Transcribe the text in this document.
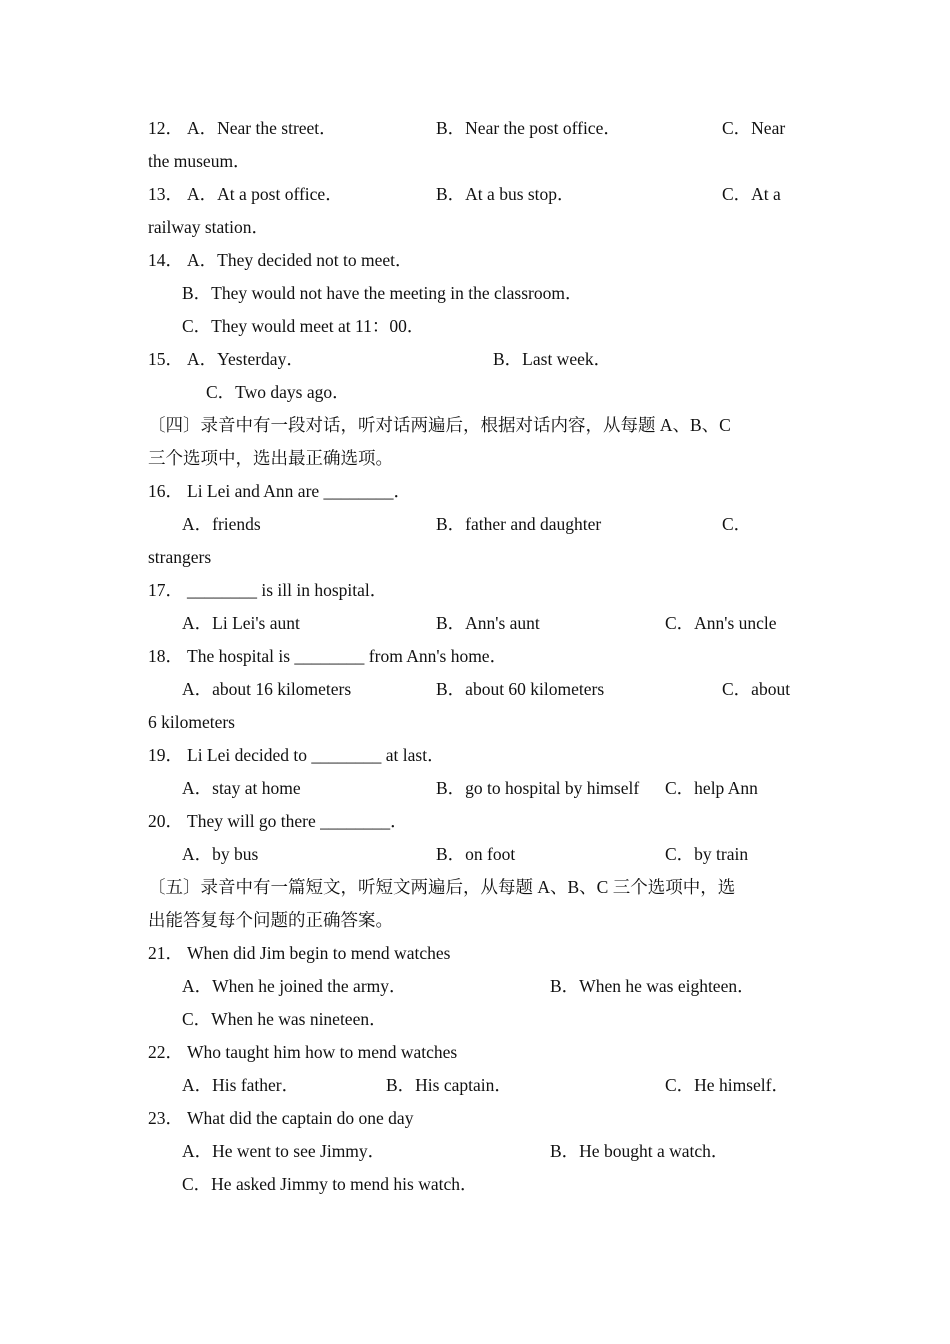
12． A．Near the street．	B．Near the post office．	C．Near
the museum．
13． A．At a post office．	B．At a bus stop．	C．At a
railway station．
14． A．They decided not to meet．
B．They would not have the meeting in the classroom．
C．They would meet at 11：00．
15． A．Yesterday．	B．Last week．
C．Two days ago．
〔四〕录音中有一段对话，听对话两遍后，根据对话内容，从每题 A、B、C
三个选项中，选出最正确选项。
16． Li Lei and Ann are ________．
A．friends	B．father and daughter	C．
strangers
17． ________ is ill in hospital．
A．Li Lei's aunt	B．Ann's aunt	C．Ann's uncle
18． The hospital is ________ from Ann's home．
A．about 16 kilometers	B．about 60 kilometers	C．about
6 kilometers
19． Li Lei decided to ________ at last．
A．stay at home	B．go to hospital by himself C．help Ann
20． They will go there ________．
A．by bus	B．on foot	C．by train
〔五〕录音中有一篇短文，听短文两遍后，从每题 A、B、C 三个选项中，选
出能答复每个问题的正确答案。
21． When did Jim begin to mend watches
A．When he joined the army．	B．When he was eighteen．
C．When he was nineteen．
22． Who taught him how to mend watches
A．His father．	B．His captain．	C．He himself．
23． What did the captain do one day
A．He went to see Jimmy．	B．He bought a watch．
C．He asked Jimmy to mend his watch．
